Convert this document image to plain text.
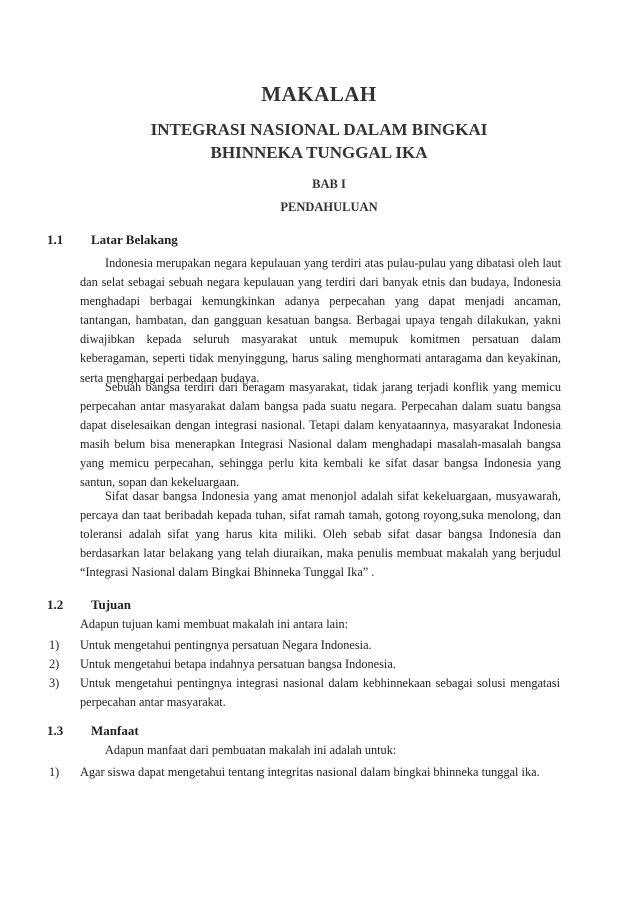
MAKALAH
INTEGRASI NASIONAL DALAM BINGKAI
BHINNEKA TUNGGAL IKA
BAB I
PENDAHULUAN
1.1 Latar Belakang
Indonesia merupakan negara kepulauan yang terdiri atas pulau-pulau yang dibatasi oleh laut dan selat sebagai sebuah negara kepulauan yang terdiri dari banyak etnis dan budaya, Indonesia menghadapi berbagai kemungkinkan adanya perpecahan yang dapat menjadi ancaman, tantangan, hambatan, dan gangguan kesatuan bangsa. Berbagai upaya tengah dilakukan, yakni diwajibkan kepada seluruh masyarakat untuk memupuk komitmen persatuan dalam keberagaman, seperti tidak menyinggung, harus saling menghormati antaragama dan keyakinan, serta menghargai perbedaan budaya.
Sebuah bangsa terdiri dari beragam masyarakat, tidak jarang terjadi konflik yang memicu perpecahan antar masyarakat dalam bangsa pada suatu negara. Perpecahan dalam suatu bangsa dapat diselesaikan dengan integrasi nasional. Tetapi dalam kenyataannya, masyarakat Indonesia masih belum bisa menerapkan Integrasi Nasional dalam menghadapi masalah-masalah bangsa yang memicu perpecahan, sehingga perlu kita kembali ke sifat dasar bangsa Indonesia yang santun, sopan dan kekeluargaan.
Sifat dasar bangsa Indonesia yang amat menonjol adalah sifat kekeluargaan, musyawarah, percaya dan taat beribadah kepada tuhan, sifat ramah tamah, gotong royong,suka menolong, dan toleransi adalah sifat yang harus kita miliki. Oleh sebab sifat dasar bangsa Indonesia dan berdasarkan latar belakang yang telah diuraikan, maka penulis membuat makalah yang berjudul “Integrasi Nasional dalam Bingkai Bhinneka Tunggal Ika” .
1.2 Tujuan
Adapun tujuan kami membuat makalah ini antara lain:
1) Untuk mengetahui pentingnya persatuan Negara Indonesia.
2) Untuk mengetahui betapa indahnya persatuan bangsa Indonesia.
3) Untuk mengetahui pentingnya integrasi nasional dalam kebhinnekaan sebagai solusi mengatasi perpecahan antar masyarakat.
1.3 Manfaat
Adapun manfaat dari pembuatan makalah ini adalah untuk:
1) Agar siswa dapat mengetahui tentang integritas nasional dalam bingkai bhinneka tunggal ika.
